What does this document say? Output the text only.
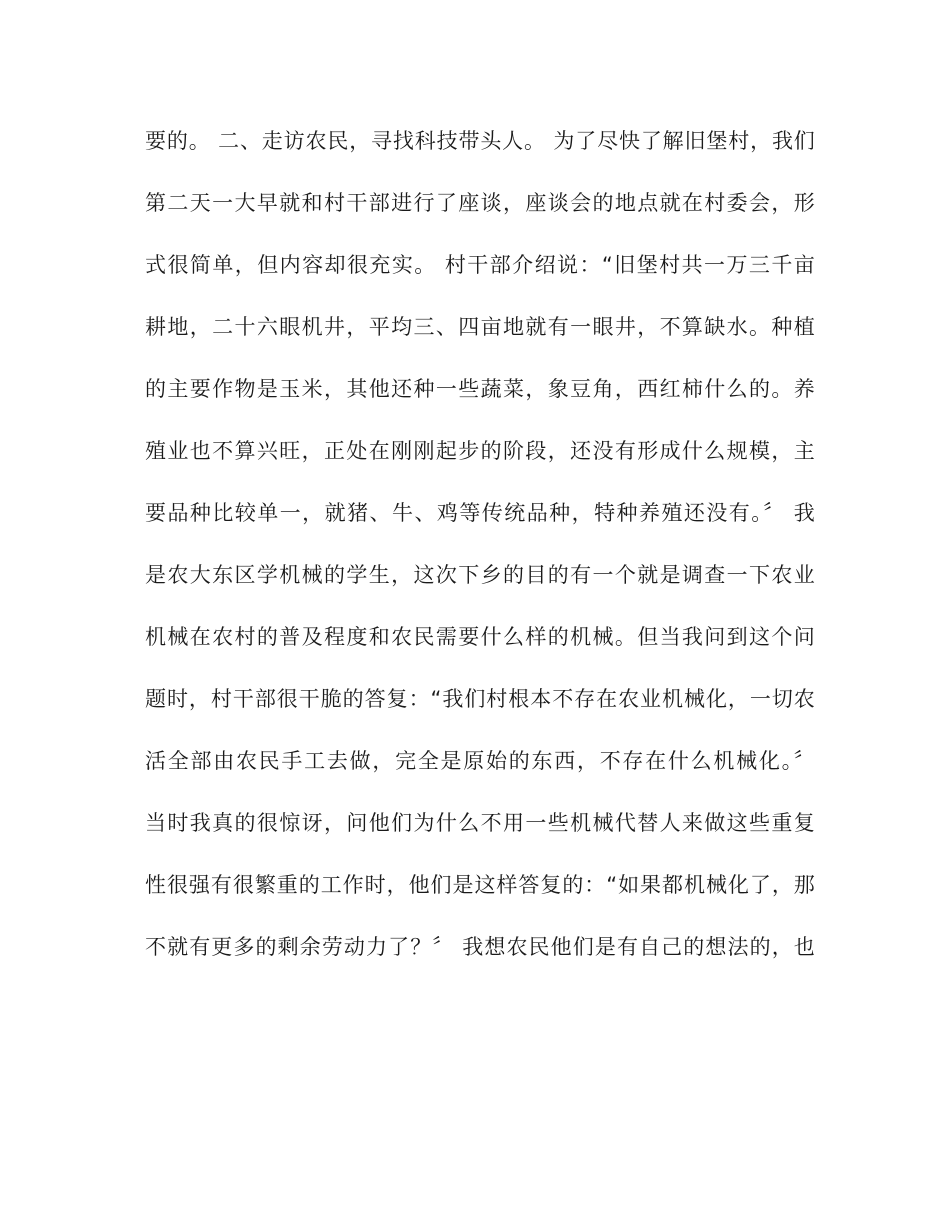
要的。 二、走访农民，寻找科技带头人。 为了尽快了解旧堡村，我们
第二天一大早就和村干部进行了座谈，座谈会的地点就在村委会，形
式很简单，但内容却很充实。 村干部介绍说：“旧堡村共一万三千亩
耕地，二十六眼机井，平均三、四亩地就有一眼井，不算缺水。种植
的主要作物是玉米，其他还种一些蔬菜，象豆角，西红柿什么的。养
殖业也不算兴旺，正处在刚刚起步的阶段，还没有形成什么规模，主
要品种比较单一，就猪、牛、鸡等传统品种，特种养殖还没有。〞 我
是农大东区学机械的学生，这次下乡的目的有一个就是调查一下农业
机械在农村的普及程度和农民需要什么样的机械。但当我问到这个问
题时，村干部很干脆的答复：“我们村根本不存在农业机械化，一切农
活全部由农民手工去做，完全是原始的东西，不存在什么机械化。〞
当时我真的很惊讶，问他们为什么不用一些机械代替人来做这些重复
性很强有很繁重的工作时，他们是这样答复的：“如果都机械化了，那
不就有更多的剩余劳动力了？〞 我想农民他们是有自己的想法的，也
